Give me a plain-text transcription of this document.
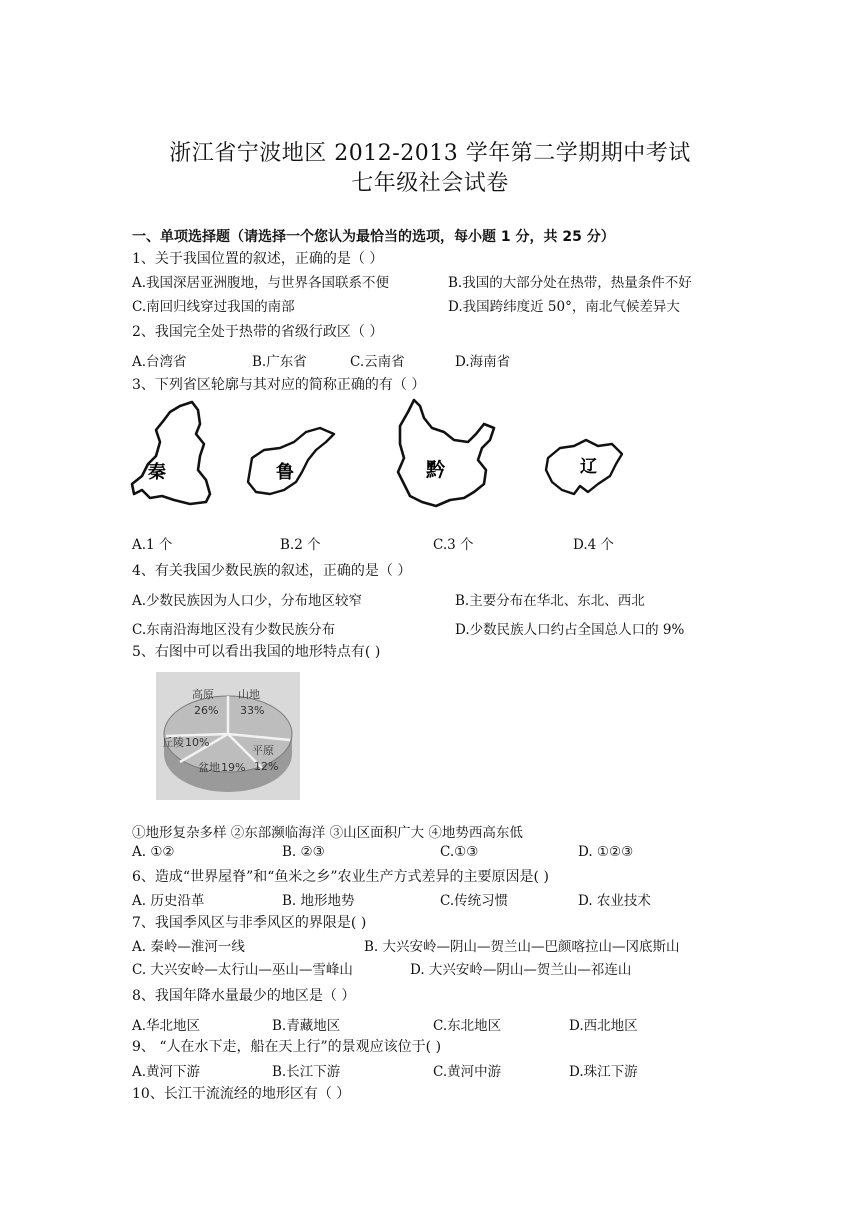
浙江省宁波地区 2012-2013 学年第二学期期中考试
七年级社会试卷
一、单项选择题（请选择一个您认为最恰当的选项，每小题 1 分，共 25 分）
1、关于我国位置的叙述，正确的是（ ）
A.我国深居亚洲腹地，与世界各国联系不便	B.我国的大部分处在热带，热量条件不好
C.南回归线穿过我国的南部	D.我国跨纬度近 50°，南北气候差异大
2、我国完全处于热带的省级行政区（ ）
A.台湾省	B.广东省	C.云南省	D.海南省
3、下列省区轮廓与其对应的简称正确的有（ ）
秦	鲁	黔	辽
A.1 个	B.2 个	C.3 个	D.4 个
4、有关我国少数民族的叙述，正确的是（ ）
A.少数民族因为人口少，分布地区较窄	B.主要分布在华北、东北、西北
C.东南沿海地区没有少数民族分布	D.少数民族人口约占全国总人口的 9%
5、右图中可以看出我国的地形特点有( )
高原
26%
山地
33%
平原
12%
盆地 19%
丘陵 10%
①地形复杂多样 ②东部濒临海洋 ③山区面积广大 ④地势西高东低
A. ①②	B. ②③	C.①③	D. ①②③
6、造成“世界屋脊”和“鱼米之乡”农业生产方式差异的主要原因是( )
A. 历史沿革	B. 地形地势	C.传统习惯	D. 农业技术
7、我国季风区与非季风区的界限是( )
A. 秦岭—淮河一线	B. 大兴安岭—阴山—贺兰山—巴颜喀拉山—冈底斯山
C. 大兴安岭—太行山—巫山—雪峰山	D. 大兴安岭—阴山—贺兰山—祁连山
8、我国年降水量最少的地区是（ ）
A.华北地区	B.青藏地区	C.东北地区	D.西北地区
9、 “人在水下走，船在天上行”的景观应该位于( )
A.黄河下游	B.长江下游	C.黄河中游	D.珠江下游
10、长江干流流经的地形区有（ ）
